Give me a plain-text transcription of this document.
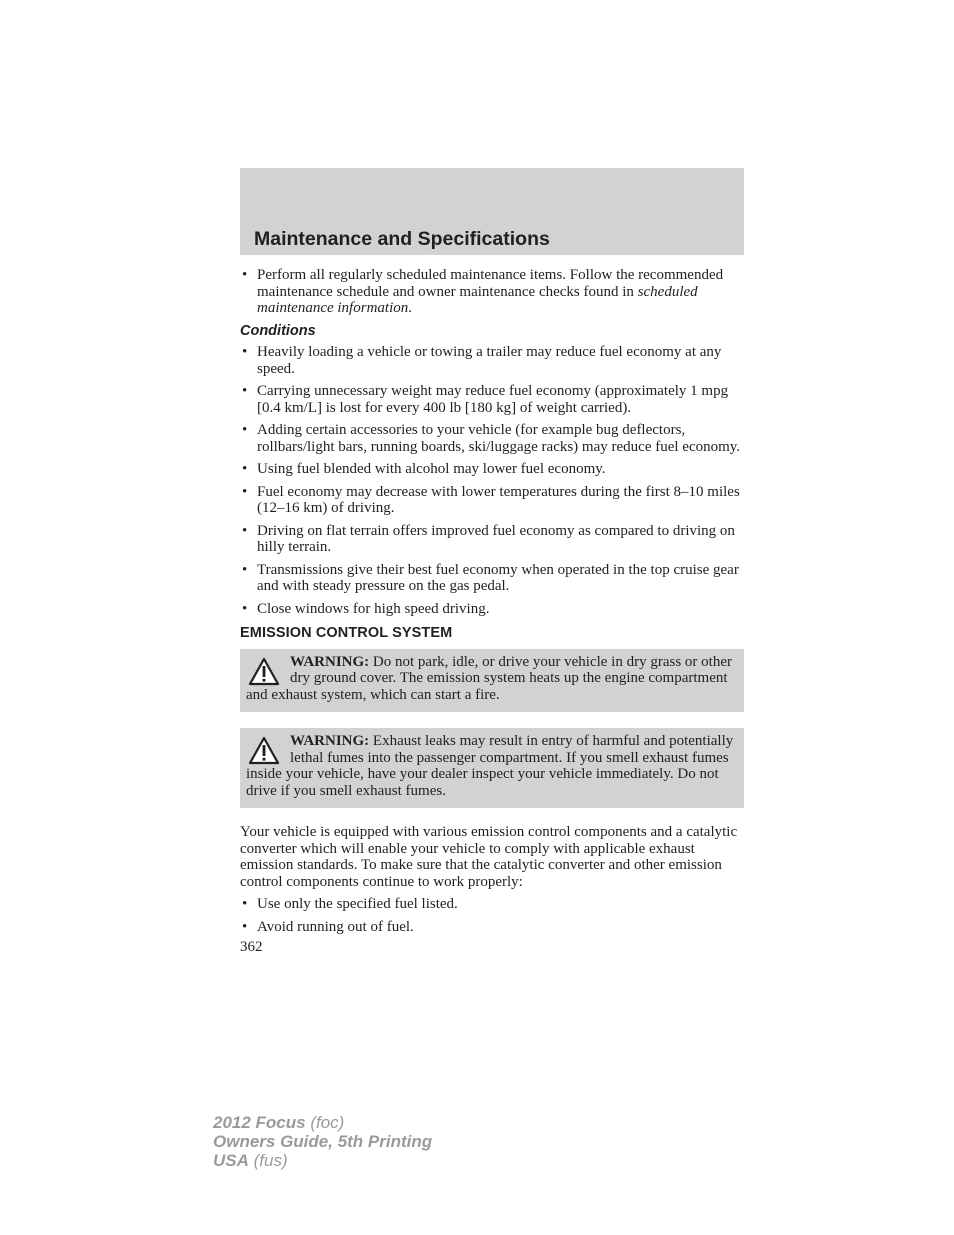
Maintenance and Specifications
• Perform all regularly scheduled maintenance items. Follow the recommended maintenance schedule and owner maintenance checks found in scheduled maintenance information.
Conditions
• Heavily loading a vehicle or towing a trailer may reduce fuel economy at any speed.
• Carrying unnecessary weight may reduce fuel economy (approximately 1 mpg [0.4 km/L] is lost for every 400 lb [180 kg] of weight carried).
• Adding certain accessories to your vehicle (for example bug deflectors, rollbars/light bars, running boards, ski/luggage racks) may reduce fuel economy.
• Using fuel blended with alcohol may lower fuel economy.
• Fuel economy may decrease with lower temperatures during the first 8–10 miles (12–16 km) of driving.
• Driving on flat terrain offers improved fuel economy as compared to driving on hilly terrain.
• Transmissions give their best fuel economy when operated in the top cruise gear and with steady pressure on the gas pedal.
• Close windows for high speed driving.
EMISSION CONTROL SYSTEM
WARNING: Do not park, idle, or drive your vehicle in dry grass or other dry ground cover. The emission system heats up the engine compartment and exhaust system, which can start a fire.
WARNING: Exhaust leaks may result in entry of harmful and potentially lethal fumes into the passenger compartment. If you smell exhaust fumes inside your vehicle, have your dealer inspect your vehicle immediately. Do not drive if you smell exhaust fumes.

Your vehicle is equipped with various emission control components and a catalytic converter which will enable your vehicle to comply with applicable exhaust emission standards. To make sure that the catalytic converter and other emission control components continue to work properly:

• Use only the specified fuel listed.
• Avoid running out of fuel.
362
2012 Focus (foc)
Owners Guide, 5th Printing
USA (fus)
